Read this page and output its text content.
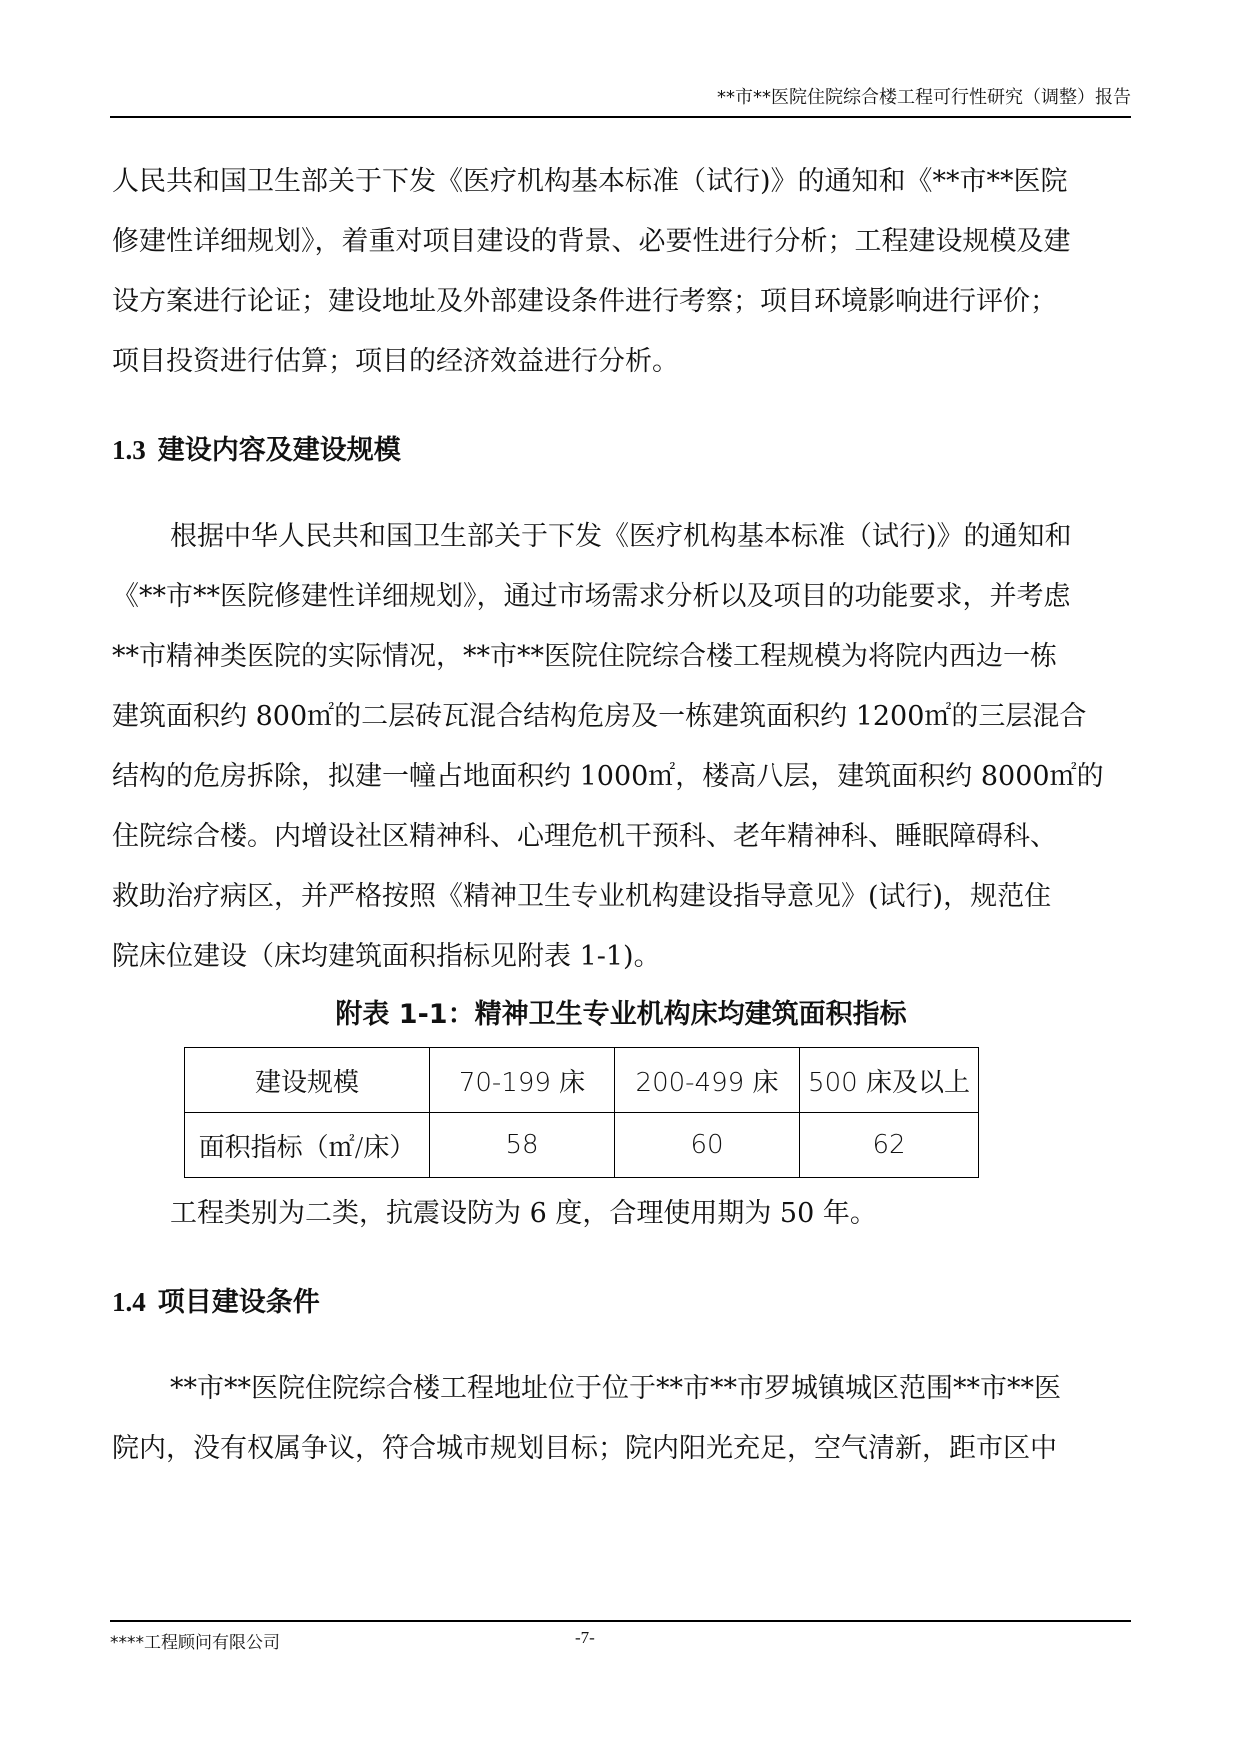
**市**医院住院综合楼工程可行性研究（调整）报告

人民共和国卫生部关于下发《医疗机构基本标准（试行)》的通知和《**市**医院

修建性详细规划》，着重对项目建设的背景、必要性进行分析；工程建设规模及建

设方案进行论证；建设地址及外部建设条件进行考察；项目环境影响进行评价；

项目投资进行估算；项目的经济效益进行分析。

1.3 建设内容及建设规模

根据中华人民共和国卫生部关于下发《医疗机构基本标准（试行)》的通知和

《**市**医院修建性详细规划》，通过市场需求分析以及项目的功能要求，并考虑

**市精神类医院的实际情况，**市**医院住院综合楼工程规模为将院内西边一栋

建筑面积约 800㎡的二层砖瓦混合结构危房及一栋建筑面积约 1200㎡的三层混合

结构的危房拆除，拟建一幢占地面积约 1000㎡，楼高八层，建筑面积约 8000㎡的

住院综合楼。内增设社区精神科、心理危机干预科、老年精神科、睡眠障碍科、

救助治疗病区，并严格按照《精神卫生专业机构建设指导意见》(试行)，规范住

院床位建设（床均建筑面积指标见附表 1-1)。

附表 1-1：精神卫生专业机构床均建筑面积指标
建设规模	70-199 床	200-499 床	500 床及以上
面积指标（㎡/床）	58	60	62

工程类别为二类，抗震设防为 6 度，合理使用期为 50 年。

1.4 项目建设条件

**市**医院住院综合楼工程地址位于位于**市**市罗城镇城区范围**市**医

院内，没有权属争议，符合城市规划目标；院内阳光充足，空气清新，距市区中

****工程顾问有限公司	-7-
